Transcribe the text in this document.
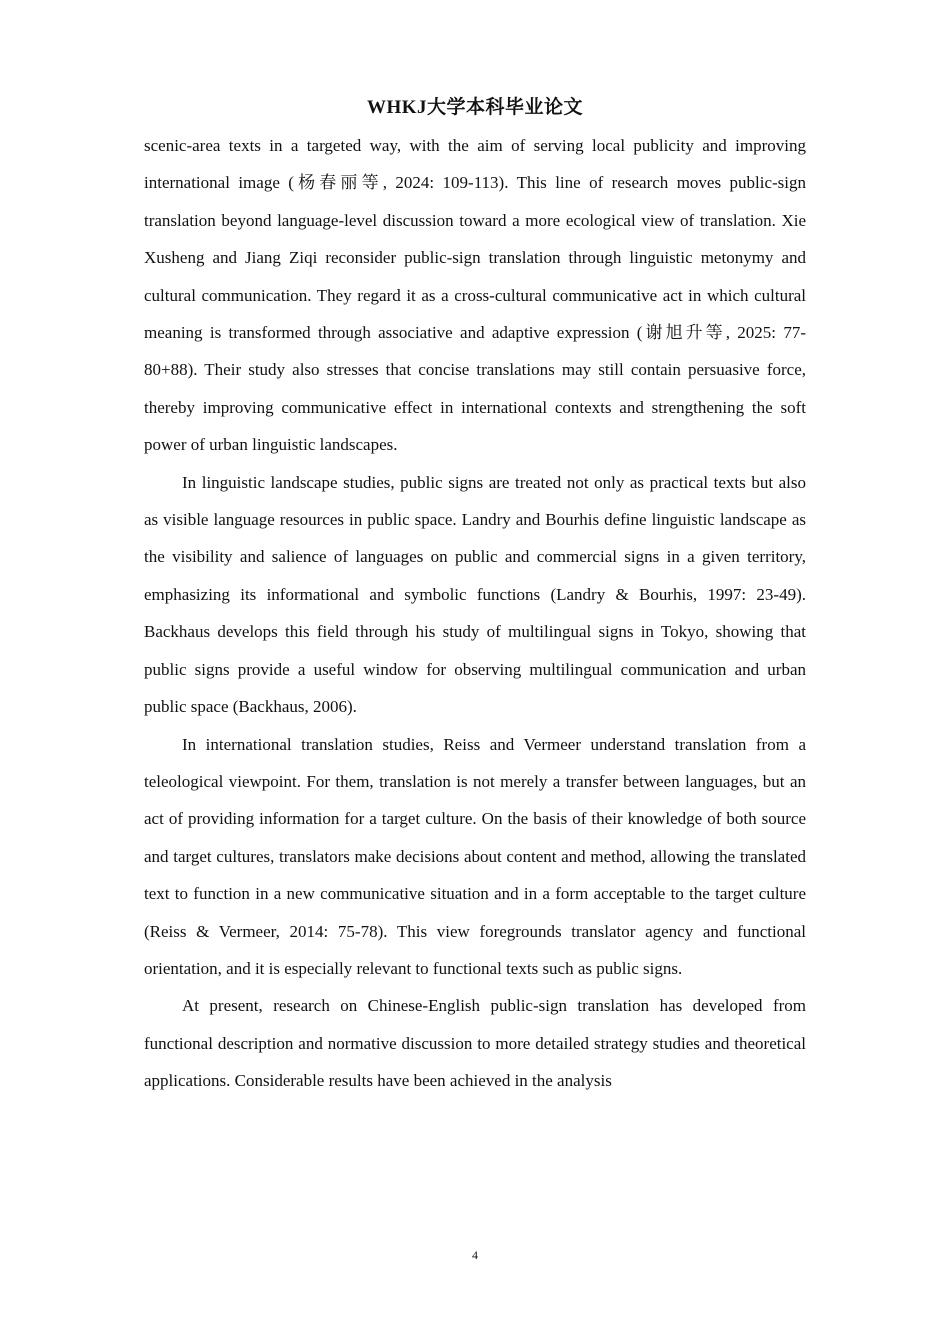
WHKJ大学本科毕业论文

scenic-area texts in a targeted way, with the aim of serving local publicity and improving international image (杨春丽等, 2024: 109-113). This line of research moves public-sign translation beyond language-level discussion toward a more ecological view of translation. Xie Xusheng and Jiang Ziqi reconsider public-sign translation through linguistic metonymy and cultural communication. They regard it as a cross-cultural communicative act in which cultural meaning is transformed through associative and adaptive expression (谢旭升等, 2025: 77-80+88). Their study also stresses that concise translations may still contain persuasive force, thereby improving communicative effect in international contexts and strengthening the soft power of urban linguistic landscapes.

In linguistic landscape studies, public signs are treated not only as practical texts but also as visible language resources in public space. Landry and Bourhis define linguistic landscape as the visibility and salience of languages on public and commercial signs in a given territory, emphasizing its informational and symbolic functions (Landry & Bourhis, 1997: 23-49). Backhaus develops this field through his study of multilingual signs in Tokyo, showing that public signs provide a useful window for observing multilingual communication and urban public space (Backhaus, 2006).

In international translation studies, Reiss and Vermeer understand translation from a teleological viewpoint. For them, translation is not merely a transfer between languages, but an act of providing information for a target culture. On the basis of their knowledge of both source and target cultures, translators make decisions about content and method, allowing the translated text to function in a new communicative situation and in a form acceptable to the target culture (Reiss & Vermeer, 2014: 75-78). This view foregrounds translator agency and functional orientation, and it is especially relevant to functional texts such as public signs.

At present, research on Chinese-English public-sign translation has developed from functional description and normative discussion to more detailed strategy studies and theoretical applications. Considerable results have been achieved in the analysis

4
